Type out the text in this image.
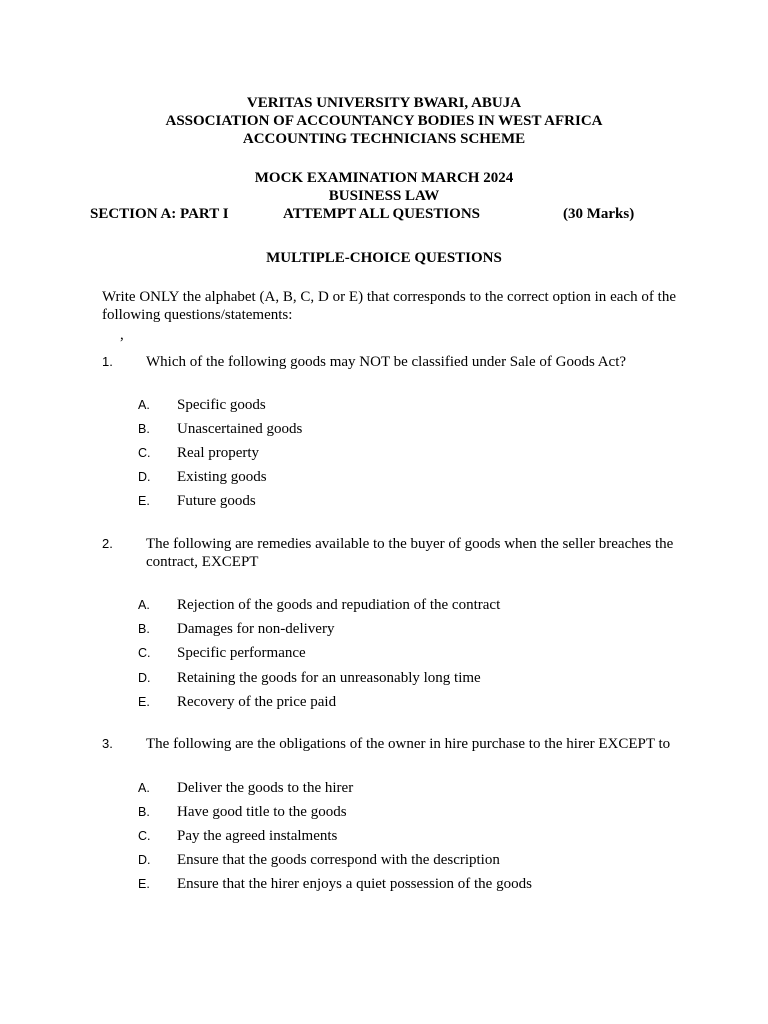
VERITAS UNIVERSITY BWARI, ABUJA
ASSOCIATION OF ACCOUNTANCY BODIES IN WEST AFRICA
ACCOUNTING TECHNICIANS SCHEME
MOCK EXAMINATION MARCH 2024
BUSINESS LAW
SECTION A: PART I	ATTEMPT ALL QUESTIONS	(30 Marks)
MULTIPLE-CHOICE QUESTIONS
Write ONLY the alphabet (A, B, C, D or E) that corresponds to the correct option in each of the following questions/statements:
,
1. Which of the following goods may NOT be classified under Sale of Goods Act?
A. Specific goods
B. Unascertained goods
C. Real property
D. Existing goods
E. Future goods
2. The following are remedies available to the buyer of goods when the seller breaches the contract, EXCEPT
A. Rejection of the goods and repudiation of the contract
B. Damages for non-delivery
C. Specific performance
D. Retaining the goods for an unreasonably long time
E. Recovery of the price paid
3. The following are the obligations of the owner in hire purchase to the hirer EXCEPT to
A. Deliver the goods to the hirer
B. Have good title to the goods
C. Pay the agreed instalments
D. Ensure that the goods correspond with the description
E. Ensure that the hirer enjoys a quiet possession of the goods
